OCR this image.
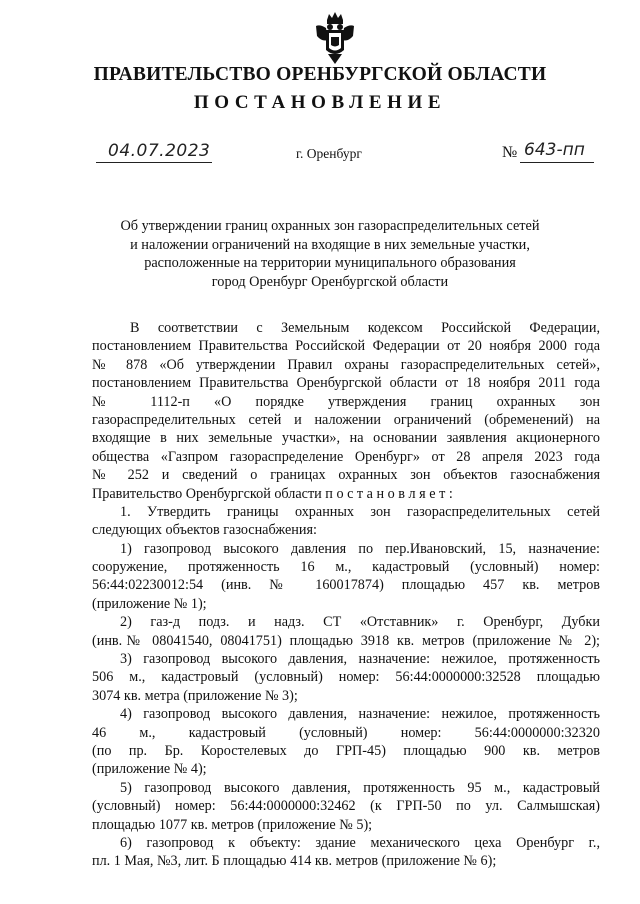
ПРАВИТЕЛЬСТВО ОРЕНБУРГСКОЙ ОБЛАСТИ
ПОСТАНОВЛЕНИЕ
04.07.2023	г. Оренбург	№ 643-пп
Об утверждении границ охранных зон газораспределительных сетей
и наложении ограничений на входящие в них земельные участки,
расположенные на территории муниципального образования
город Оренбург Оренбургской области
В соответствии с Земельным кодексом Российской Федерации,
постановлением Правительства Российской Федерации от 20 ноября 2000 года
№ 878 «Об утверждении Правил охраны газораспределительных сетей»,
постановлением Правительства Оренбургской области от 18 ноября 2011 года
№ 1112-п «О порядке утверждения границ охранных зон
газораспределительных сетей и наложении ограничений (обременений) на
входящие в них земельные участки», на основании заявления акционерного
общества «Газпром газораспределение Оренбург» от 28 апреля 2023 года
№ 252 и сведений о границах охранных зон объектов газоснабжения
Правительство Оренбургской области п о с т а н о в л я е т :
1. Утвердить границы охранных зон газораспределительных сетей
следующих объектов газоснабжения:
1) газопровод высокого давления по пер.Ивановский, 15, назначение:
сооружение, протяженность 16 м., кадастровый (условный) номер:
56:44:02230012:54 (инв. № 160017874) площадью 457 кв. метров
(приложение № 1);
2) газ-д подз. и надз. СТ «Отставник» г. Оренбург, Дубки
(инв.№ 08041540, 08041751) площадью 3918 кв. метров (приложение № 2);
3) газопровод высокого давления, назначение: нежилое, протяженность
506 м., кадастровый (условный) номер: 56:44:0000000:32528 площадью
3074 кв. метра (приложение № 3);
4) газопровод высокого давления, назначение: нежилое, протяженность
46 м., кадастровый (условный) номер: 56:44:0000000:32320
(по пр. Бр. Коростелевых до ГРП-45) площадью 900 кв. метров
(приложение № 4);
5) газопровод высокого давления, протяженность 95 м., кадастровый
(условный) номер: 56:44:0000000:32462 (к ГРП-50 по ул. Салмышская)
площадью 1077 кв. метров (приложение № 5);
6) газопровод к объекту: здание механического цеха Оренбург г.,
пл. 1 Мая, №3, лит. Б площадью 414 кв. метров (приложение № 6);
